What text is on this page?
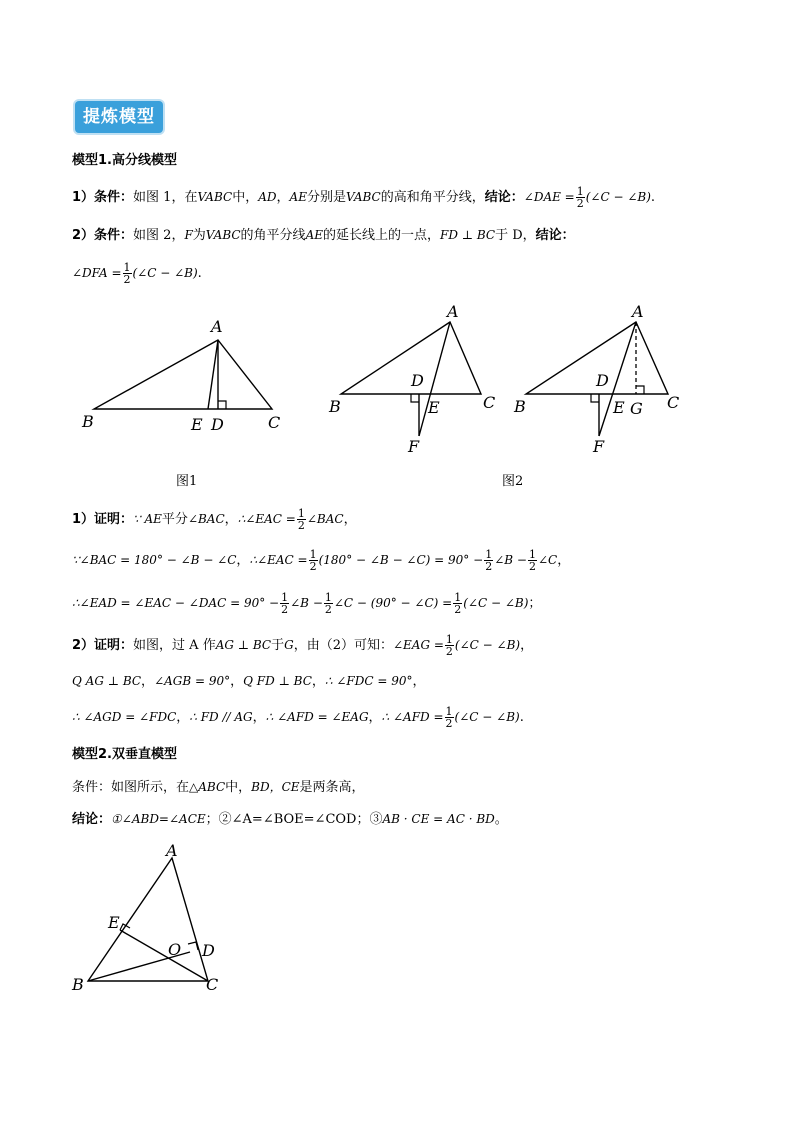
提炼模型
模型1.高分线模型
1）条件：如图 1，在VABC中，AD，AE分别是VABC的高和角平分线，结论：∠DAE = $\frac{1}{2}$ (∠C − ∠B).
2）条件：如图 2，F为VABC的角平分线AE的延长线上的一点，FD ⊥ BC于 D，结论：
∠DFA = $\frac{1}{2}$ (∠C − ∠B).
A
B	E D	C
A
B
D
E	C
F
A
B
D
E G C
F
图1	图2
1）证明：∵ AE平分∠BAC，∴∠EAC = $\frac{1}{2}$ ∠BAC，
∵∠BAC = 180° − ∠B − ∠C，∴∠EAC = $\frac{1}{2} (180^\circ$ − ∠B − ∠C) = $90^\circ - \frac{1}{2}$ ∠B − $\frac{1}{2}$ ∠C，
∴∠EAD = ∠EAC − ∠DAC = $90^\circ - \frac{1}{2}$ ∠B − $\frac{1}{2}$ ∠C − (90° − ∠C) = $\frac{1}{2}$ (∠C − ∠B)；
2）证明：如图，过 A 作AG ⊥ BC于G，由（2）可知：∠EAG = $\frac{1}{2}$ (∠C − ∠B)，
Q AG ⊥ BC，∠AGB = 90°，Q FD ⊥ BC，∴ ∠FDC = 90°，
∴ ∠AGD = ∠FDC，∴ FD // AG，∴ ∠AFD = ∠EAG，∴ ∠AFD = $\frac{1}{2}$ (∠C − ∠B).
模型2.双垂直模型
条件：如图所示，在△ABC中，BD，CE是两条高，
结论：①∠ABD=∠ACE；②∠A=∠BOE=∠COD；③AB · CE = AC · BD。
A
E
O D
B	C
